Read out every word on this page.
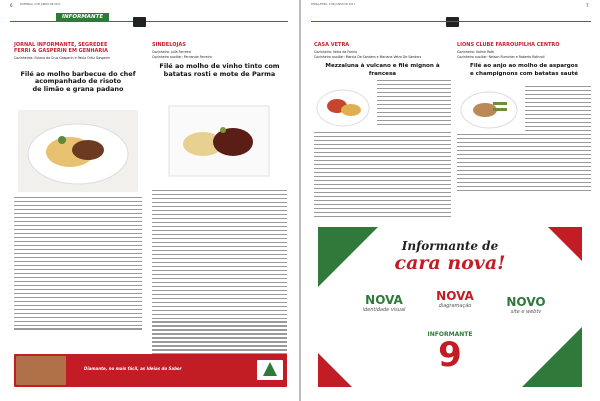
6	DOMINGO, 9 DE JUNHO DE 2017
INFORMANTE
JORNAL INFORMANTE, SEGREDEE
FERRI & GASPERIN EM GENHARIA
Cozinheiros: Fulana da Cruz Gasperin e Paulo Ortiz Gasperin
Filé ao molho barbecue do chef
acompanhado de risoto
de limão e grana padano
SINDELOJAS
Cozinheiro: Julia Ferreira
Cozinheira auxiliar: Fernanda Ferreira
Filé ao molho de vinho tinto com
batatas rosti e mote de Parma
Diamante, no mais fácil, as Ideias do Sabor
TERÇA-FEIRA, 9 DE JUNHO DE 2017	7
CASA VETRA
Cozinheira: Vetra da Farina
Cozinheira auxiliar: Marcia De Sanders e Mariana Vetra De Sanders
Mezzaluna à vulcano e filé mignon à francesa
LIONS CLUBE FARROUPILHA CENTRO
Cozinheiro: Valmir Roth
Cozinheiro auxiliar: Nelson Ruminier e Roberto Rothroll
Filé ao anjo ao molho de aspargos
e champignons com batatas sauté
Informante de
cara nova!
NOVA
identidade visual
NOVA
diagramação	NOVO
site e webtv
INFORMANTE
9
